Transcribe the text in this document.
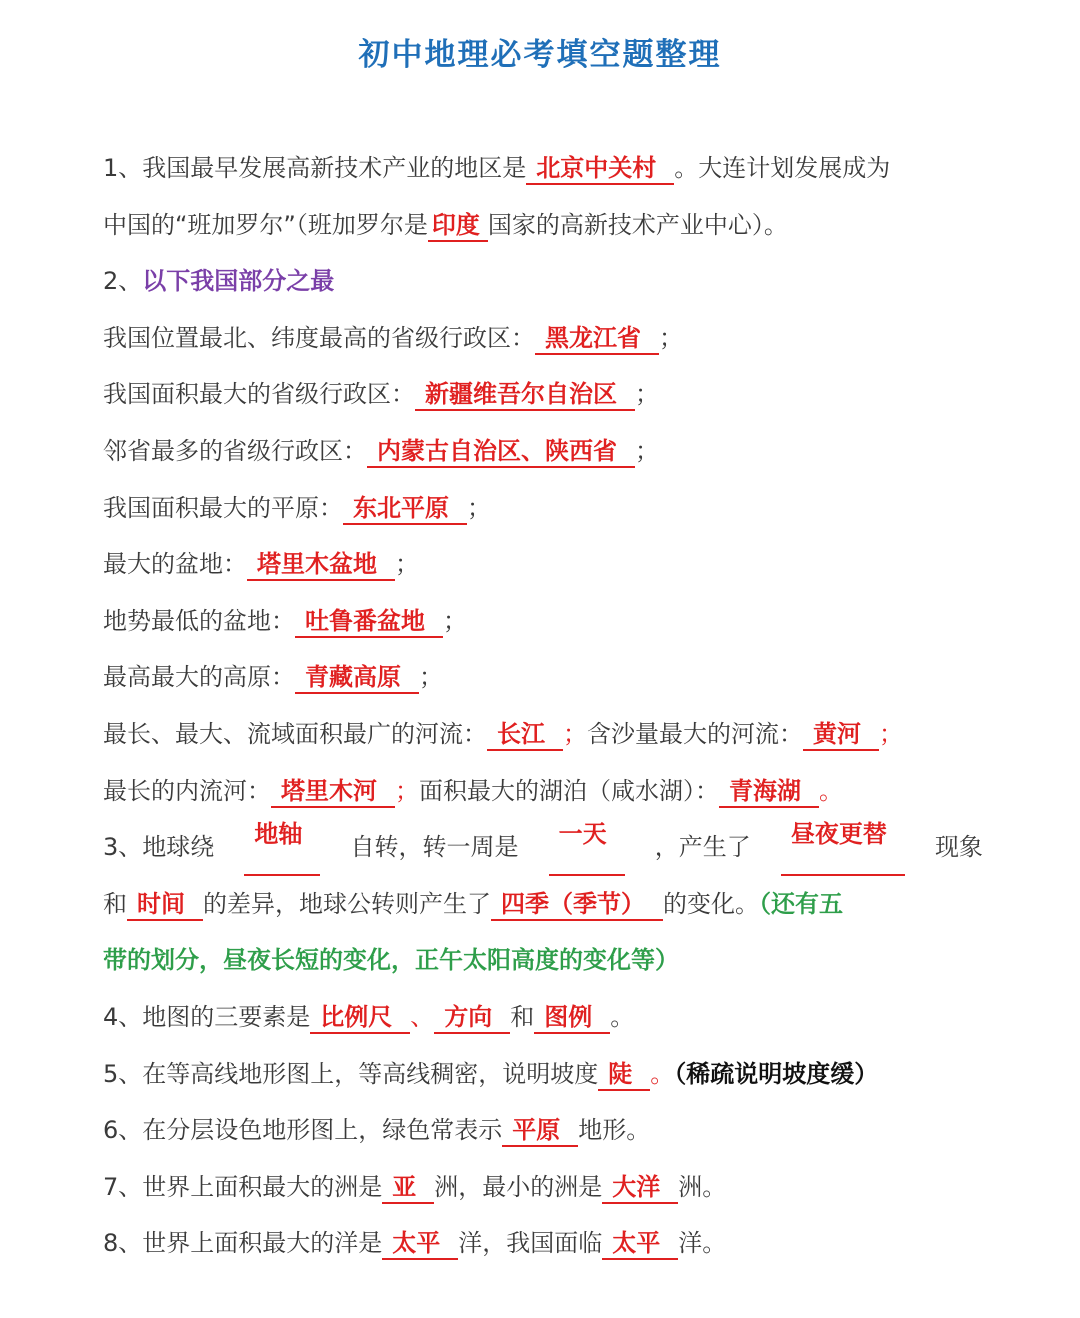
初中地理必考填空题整理
1、我国最早发展高新技术产业的地区是 北京中关村 。大连计划发展成为
中国的“班加罗尔”（班加罗尔是 印度 国家的高新技术产业中心）。
2、以下我国部分之最
我国位置最北、纬度最高的省级行政区： 黑龙江省 ；
我国面积最大的省级行政区： 新疆维吾尔自治区 ；
邻省最多的省级行政区： 内蒙古自治区、陕西省 ；
我国面积最大的平原： 东北平原 ；
最大的盆地： 塔里木盆地 ；
地势最低的盆地： 吐鲁番盆地 ；
最高最大的高原： 青藏高原 ；
最长、最大、流域面积最广的河流： 长江 ；含沙量最大的河流： 黄河 ；
最长的内流河： 塔里木河 ；面积最大的湖泊（咸水湖）： 青海湖 。
3、地球绕	地轴	自转，转一周是	一天	，产生了	昼夜更替	现象
和 时间 的差异，地球公转则产生了 四季（季节） 的变化。（还有五
带的划分，昼夜长短的变化，正午太阳高度的变化等）
4、地图的三要素是 比例尺 、 方向 和 图例 。
5、在等高线地形图上，等高线稠密，说明坡度 陡 。（稀疏说明坡度缓）
6、在分层设色地形图上，绿色常表示 平原 地形。
7、世界上面积最大的洲是 亚 洲，最小的洲是 大洋 洲。
8、世界上面积最大的洋是 太平 洋，我国面临 太平 洋。
